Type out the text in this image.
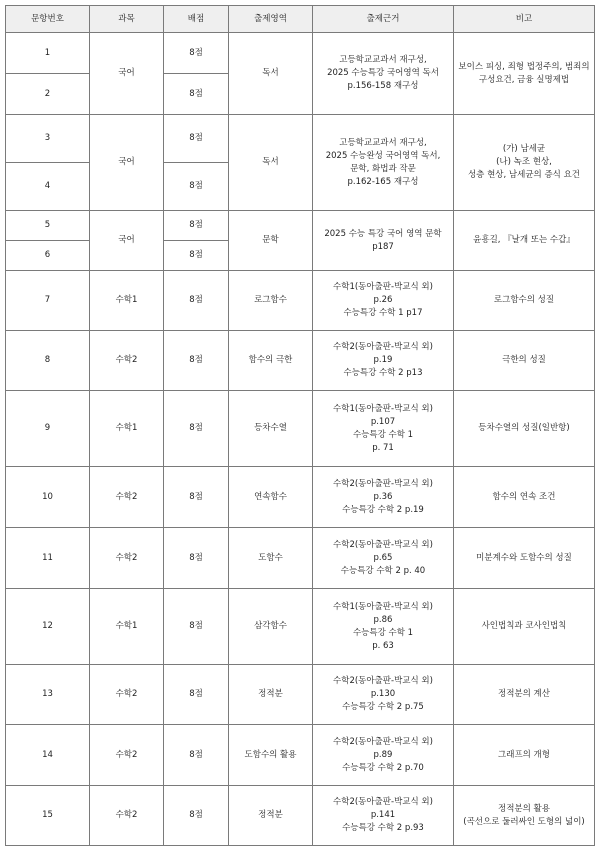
문항번호	과목	배점	출제영역	출제근거	비고
1	국어	8점	독서	고등학교교과서 재구성,
2025 수능특강 국어영역 독서
p.156-158 재구성	보이스 피싱, 죄형 법정주의, 범죄의
구성요건, 금융 실명제법

2		8점			
3	국어	8점	독서	고등학교교과서 재구성,
2025 수능완성 국어영역 독서,
문학, 화법과 작문
p.162-165 재구성	(가) 남세균
(나) 녹조 현상,
성층 현상, 남세균의 증식 요건

4		8점			
5	국어	8점	문학	2025 수능 특강 국어 영역 문학
p187	윤흥길, 『날개 또는 수갑』

6		8점			
7	수학1	8점	로그함수	수학1(동아출판-박교식 외)
p.26
수능특강 수학 1 p17	로그함수의 성질

8	수학2	8점	함수의 극한	수학2(동아출판-박교식 외)
p.19
수능특강 수학 2 p13	극한의 성질

9	수학1	8점	등차수열	수학1(동아출판-박교식 외)
p.107
수능특강 수학 1
p. 71	등차수열의 성질(일반항)

10	수학2	8점	연속함수	수학2(동아출판-박교식 외)
p.36
수능특강 수학 2 p.19	함수의 연속 조건

11	수학2	8점	도함수	수학2(동아출판-박교식 외)
p.65
수능특강 수학 2 p. 40	미분계수와 도함수의 성질

12	수학1	8점	삼각함수	수학1(동아출판-박교식 외)
p.86
수능특강 수학 1
p. 63	사인법칙과 코사인법칙

13	수학2	8점	정적분	수학2(동아출판-박교식 외)
p.130
수능특강 수학 2 p.75	정적분의 계산

14	수학2	8점	도함수의 활용	수학2(동아출판-박교식 외)
p.89
수능특강 수학 2 p.70	그래프의 개형

15	수학2	8점	정적분	수학2(동아출판-박교식 외)
p.141
수능특강 수학 2 p.93	정적분의 활용
(곡선으로 둘러싸인 도형의 넓이)
